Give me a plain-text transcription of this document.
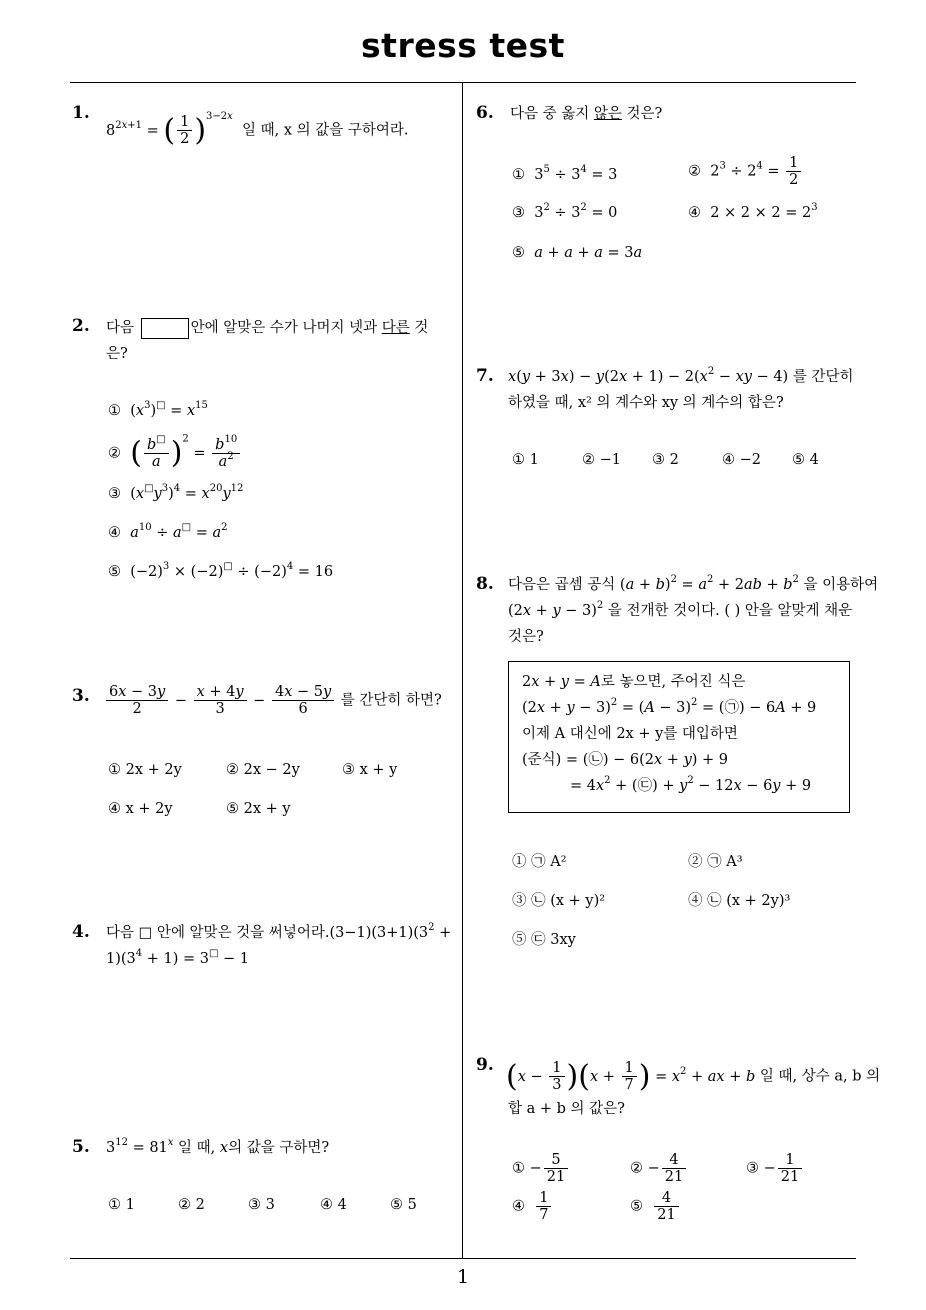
stress test
1
1.
$8^{2x+1}$ = ( $\frac{1}{2} )^{3-2x}$  일 때, x 의 값을 구하여라.
2. 다음	안에 알맞은 수가 나머지 넷과 다른 것
은?
①  $(x^3)^□ = x^{15}$
② ( $\frac{b^□}{a} )^2 = \frac{b^{10}}{a^2}$
③  $(x^□y^3)^4 = x^{20}y^{12}$
④ $a^{10} \div a^□ = a^2$
⑤  $(-2)^3 \times (-2)^□ \div (-2)^4 = 16$
3. $\frac{6x - 3y}{2} - \frac{x + 4y}{3} - \frac{4x - 5y}{6}$ 를 간단히 하면?
① 2x + 2y	② 2x − 2y	③ x + y
④ x + 2y	⑤ 2x + y
4. 다음 □ 안에 알맞은 것을 써넣어라$.(3-1)(3+1)(3^2$ +
$1)(3^4 + 1) = 3^□ - 1$
5. $3^{12} = 81^x$ 일 때, x의 값을 구하면?
① 1	② 2	③ 3	④ 4	⑤ 5
6. 다음 중 옳지 않은 것은?
①  $3^5 \div 3^4 = 3$	②  $2^3 \div 2^4 = \frac{1}{2}$
③  $3^2 \div 3^2 = 0$	④  $2 \times 2 \times 2 = 2^3$
⑤  a + a + a = 3a
7. $x(y + 3x) - y(2x + 1) - 2(x^2$ − xy − 4) 를 간단히
하였을 때, x² 의 계수와 xy 의 계수의 합은?
① 1	② −1 ③ 2	④ −2 ⑤ 4
8. 다음은 곱셈 공식 $(a + b)^2 = a^2 + 2ab + b^2$ 을 이용하여
$(2x + y - 3)^2$ 을 전개한 것이다. ( ) 안을 알맞게 채운
것은?
2x + y = A로 놓으면, 주어진 식은
$(2x + y - 3)^2 = (A - 3)^2$ = (㉠) − 6A + 9
이제 A 대신에 2x + y를 대입하면
(준식) = (㉡) − 6(2x + y) + 9
= $4x^2$ + (㉢) + $y^2 - 12x - 6y + 9$
① ㉠ A²	② ㉠ A³
③ ㉡ (x + y)²	④ ㉡ (x + 2y)³
⑤ ㉢ 3xy
9. $(x - \frac{1}{3} )(x + \frac{1}{7}$ ) = $x^2$ + ax + b 일 때, 상수 a, b 의
합 a + b 의 값은?
① − $\frac{5}{21}$	② − $\frac{4}{21}$	③ − $\frac{1}{21}$
④ $\frac{1}{7}$	⑤ $\frac{4}{21}$
